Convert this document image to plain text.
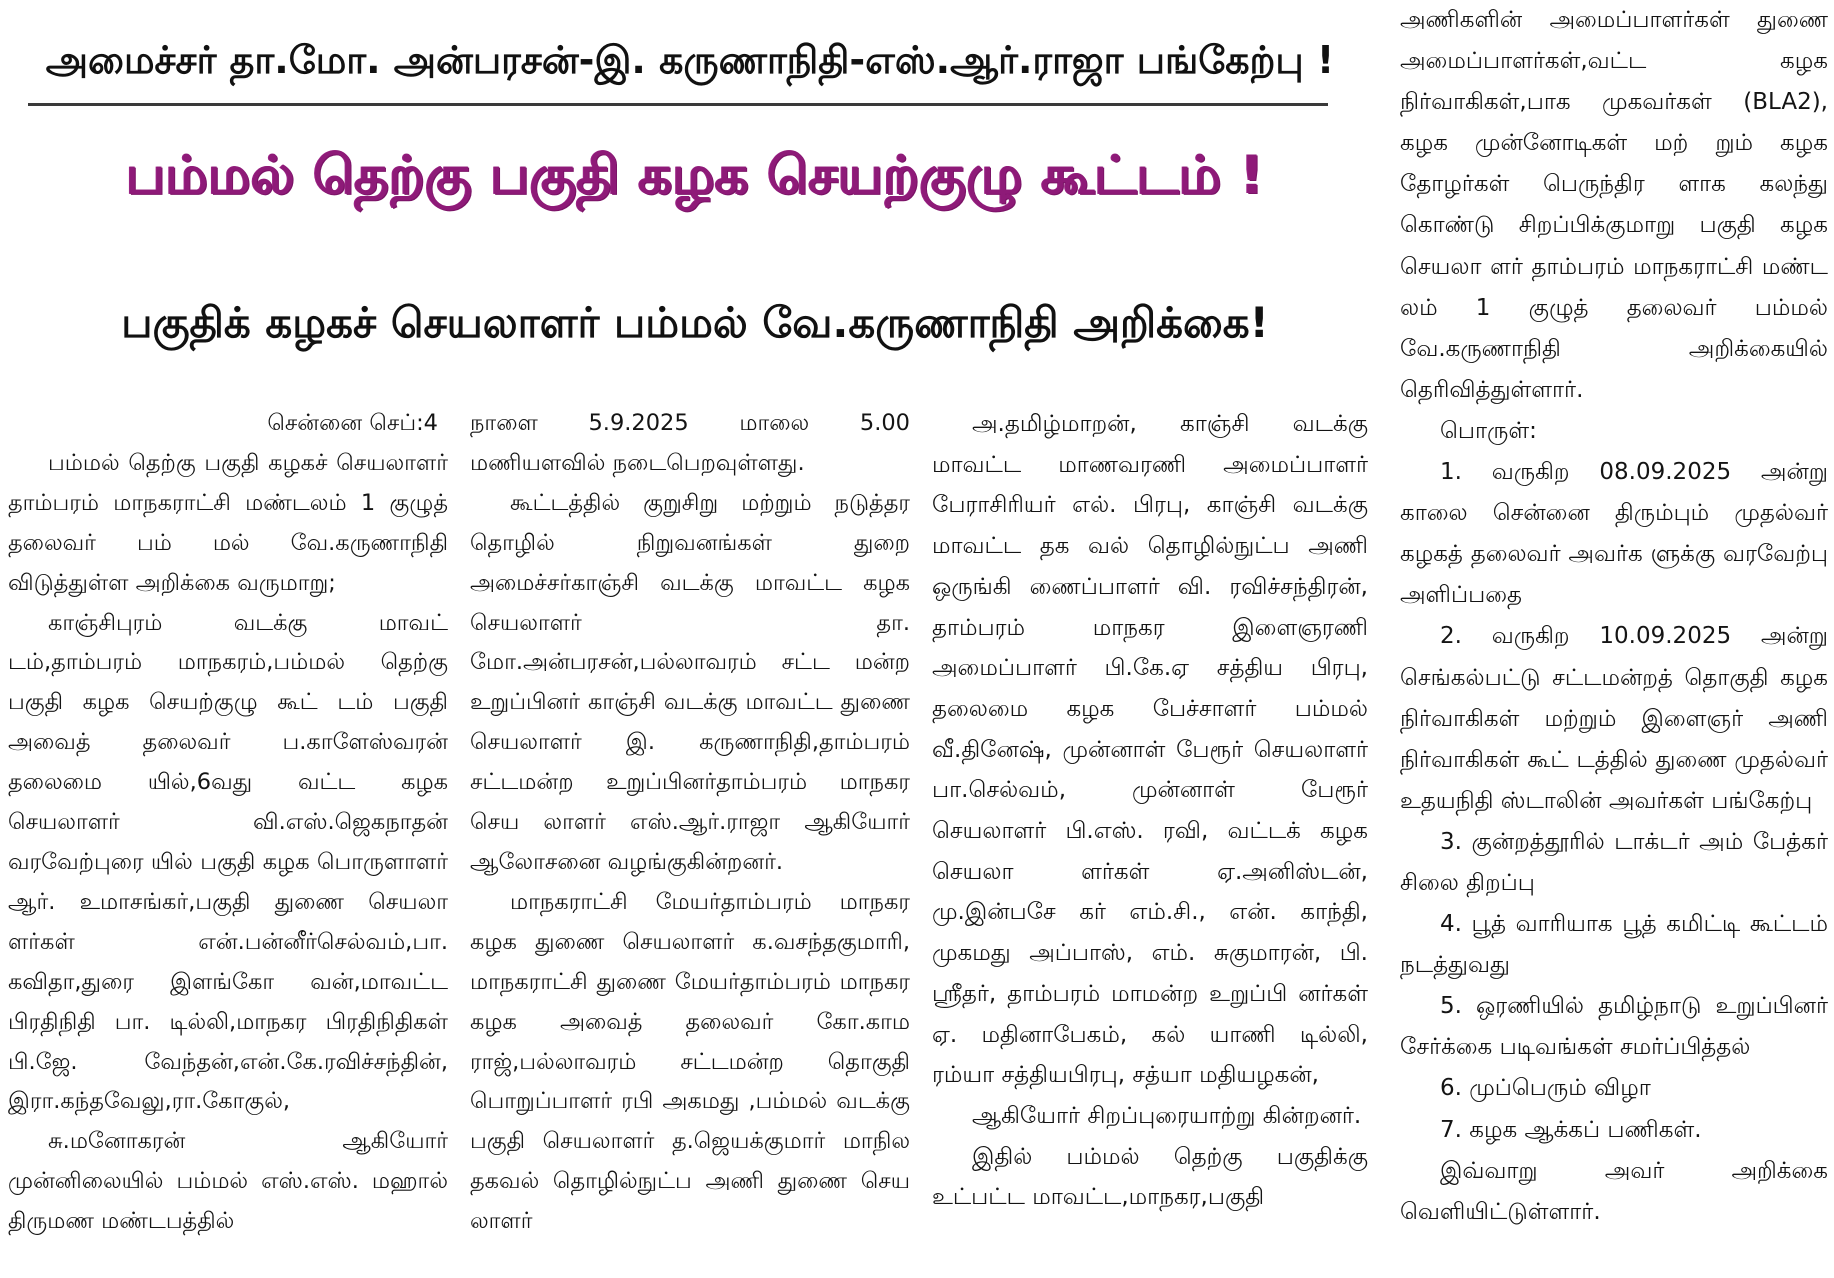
அமைச்சர் தா.மோ. அன்பரசன்-இ. கருணாநிதி-எஸ்.ஆர்.ராஜா பங்கேற்பு !
பம்மல் தெற்கு பகுதி கழக செயற்குழு கூட்டம் !
பகுதிக் கழகச் செயலாளர் பம்மல் வே.கருணாநிதி அறிக்கை!

சென்னை செப்:4

பம்மல் தெற்கு பகுதி கழகச் செயலாளர் தாம்பரம் மாநகராட்சி மண்டலம் 1 குழுத் தலைவர் பம் மல் வே.கருணாநிதி விடுத்துள்ள அறிக்கை வருமாறு;

காஞ்சிபுரம் வடக்கு மாவட் டம்,தாம்பரம் மாநகரம்,பம்மல் தெற்கு பகுதி கழக செயற்குழு கூட் டம் பகுதி அவைத் தலைவர் ப.காளேஸ்வரன் தலைமை யில்,6வது வட்ட கழக செயலாளர் வி.எஸ்.ஜெகநாதன் வரவேற்புரை யில் பகுதி கழக பொருளாளர் ஆர். உமாசங்கர்,பகுதி துணை செயலா ளர்கள் என்.பன்னீர்செல்வம்,பா. கவிதா,துரை இளங்கோ வன்,மாவட்ட பிரதிநிதி பா. டில்லி,மாநகர பிரதிநிதிகள் பி.ஜே. வேந்தன்,என்.கே.ரவிச்சந்தின், இரா.கந்தவேலு,ரா.கோகுல்,

சு.மனோகரன் ஆகியோர் முன்னிலையில் பம்மல் எஸ்.எஸ். மஹால் திருமண மண்டபத்தில்

நாளை 5.9.2025 மாலை 5.00 மணியளவில் நடைபெறவுள்ளது.

கூட்டத்தில் குறுசிறு மற்றும் நடுத்தர தொழில் நிறுவனங்கள் துறை அமைச்சர்காஞ்சி வடக்கு மாவட்ட கழக செயலாளர் தா. மோ.அன்பரசன்,பல்லாவரம் சட்ட மன்ற உறுப்பினர் காஞ்சி வடக்கு மாவட்ட துணை செயலாளர் இ. கருணாநிதி,தாம்பரம் சட்டமன்ற உறுப்பினர்தாம்பரம் மாநகர செய லாளர் எஸ்.ஆர்.ராஜா ஆகியோர் ஆலோசனை வழங்குகின்றனர்.

மாநகராட்சி மேயர்தாம்பரம் மாநகர கழக துணை செயலாளர் க.வசந்தகுமாரி, மாநகராட்சி துணை மேயர்தாம்பரம் மாநகர கழக அவைத் தலைவர் கோ.காம ராஜ்,பல்லாவரம் சட்டமன்ற தொகுதி பொறுப்பாளர் ரபி அகமது ,பம்மல் வடக்கு பகுதி செயலாளர் த.ஜெயக்குமார் மாநில தகவல் தொழில்நுட்ப அணி துணை செய லாளர்

அ.தமிழ்மாறன், காஞ்சி வடக்கு மாவட்ட மாணவரணி அமைப்பாளர் பேராசிரியர் எல். பிரபு, காஞ்சி வடக்கு மாவட்ட தக வல் தொழில்நுட்ப அணி ஒருங்கி ணைப்பாளர் வி. ரவிச்சந்திரன், தாம்பரம் மாநகர இளைஞரணி அமைப்பாளர் பி.கே.ஏ சத்திய பிரபு, தலைமை கழக பேச்சாளர் பம்மல் வீ.தினேஷ், முன்னாள் பேரூர் செயலாளர் பா.செல்வம், முன்னாள் பேரூர் செயலாளர் பி.எஸ். ரவி, வட்டக் கழக செயலா ளர்கள் ஏ.அனிஸ்டன், மு.இன்பசே கர் எம்.சி., என். காந்தி, முகமது அப்பாஸ், எம். சுகுமாரன், பி. ஸ்ரீதர், தாம்பரம் மாமன்ற உறுப்பி னர்கள் ஏ. மதினாபேகம், கல் யாணி டில்லி, ரம்யா சத்தியபிரபு, சத்யா மதியழகன்,

ஆகியோர் சிறப்புரையாற்று கின்றனர்.

இதில் பம்மல் தெற்கு பகுதிக்கு உட்பட்ட மாவட்ட,மாநகர,பகுதி

அணிகளின் அமைப்பாளர்கள் துணை அமைப்பாளர்கள்,வட்ட கழக நிர்வாகிகள்,பாக முகவர்கள் (BLA2), கழக முன்னோடிகள் மற் றும் கழக தோழர்கள் பெருந்திர ளாக கலந்து கொண்டு சிறப்பிக்குமாறு பகுதி கழக செயலா ளர் தாம்பரம் மாநகராட்சி மண்ட லம் 1 குழுத் தலைவர் பம்மல் வே.கருணாநிதி அறிக்கையில் தெரிவித்துள்ளார்.

பொருள்:

1. வருகிற 08.09.2025 அன்று காலை சென்னை திரும்பும் முதல்வர் கழகத் தலைவர் அவர்க ளுக்கு வரவேற்பு அளிப்பதை

2. வருகிற 10.09.2025 அன்று செங்கல்பட்டு சட்டமன்றத் தொகுதி கழக நிர்வாகிகள் மற்றும் இளைஞர் அணி நிர்வாகிகள் கூட் டத்தில் துணை முதல்வர் உதயநிதி ஸ்டாலின் அவர்கள் பங்கேற்பு

3. குன்றத்தூரில் டாக்டர் அம் பேத்கர் சிலை திறப்பு

4. பூத் வாரியாக பூத் கமிட்டி கூட்டம் நடத்துவது

5. ஒரணியில் தமிழ்நாடு உறுப்பினர் சேர்க்கை படிவங்கள் சமர்ப்பித்தல்

6. முப்பெரும் விழா

7. கழக ஆக்கப் பணிகள்.

இவ்வாறு அவர் அறிக்கை வெளியிட்டுள்ளார்.
